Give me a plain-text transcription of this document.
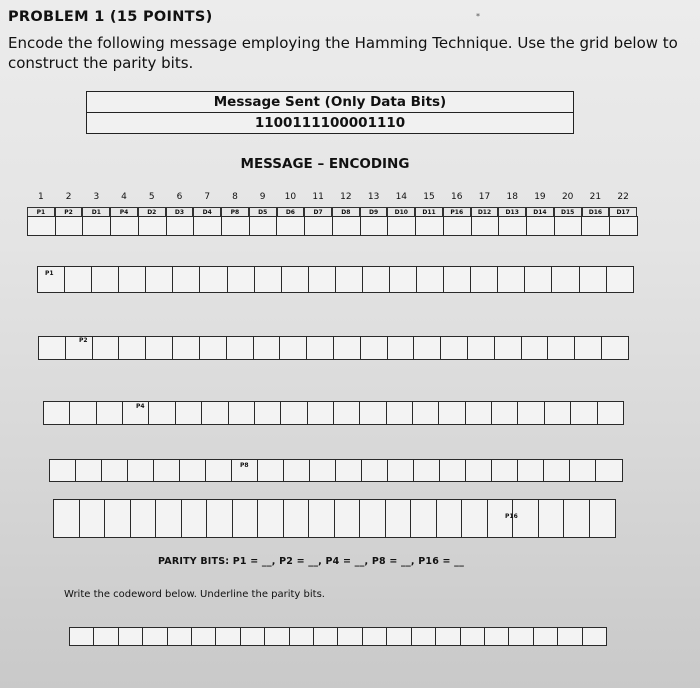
PROBLEM 1 (15 POINTS)
Encode the following message employing the Hamming Technique. Use the grid below to construct the parity bits.
Message Sent (Only Data Bits)
1100111100001110
MESSAGE – ENCODING
*
1	2	3	4	5	6	7	8	9	10	11	12	13	14	15	16	17	18	19	20	21	22
P1	P2	D1	P4	D2	D3	D4	P8	D5	D6	D7	D8	D9	D10	D11	P16	D12	D13	D14	D15	D16	D17
P1
P2
P4
P8
P16
PARITY BITS: P1 = __, P2 = __, P4 = __, P8 = __, P16 = __
Write the codeword below. Underline the parity bits.
